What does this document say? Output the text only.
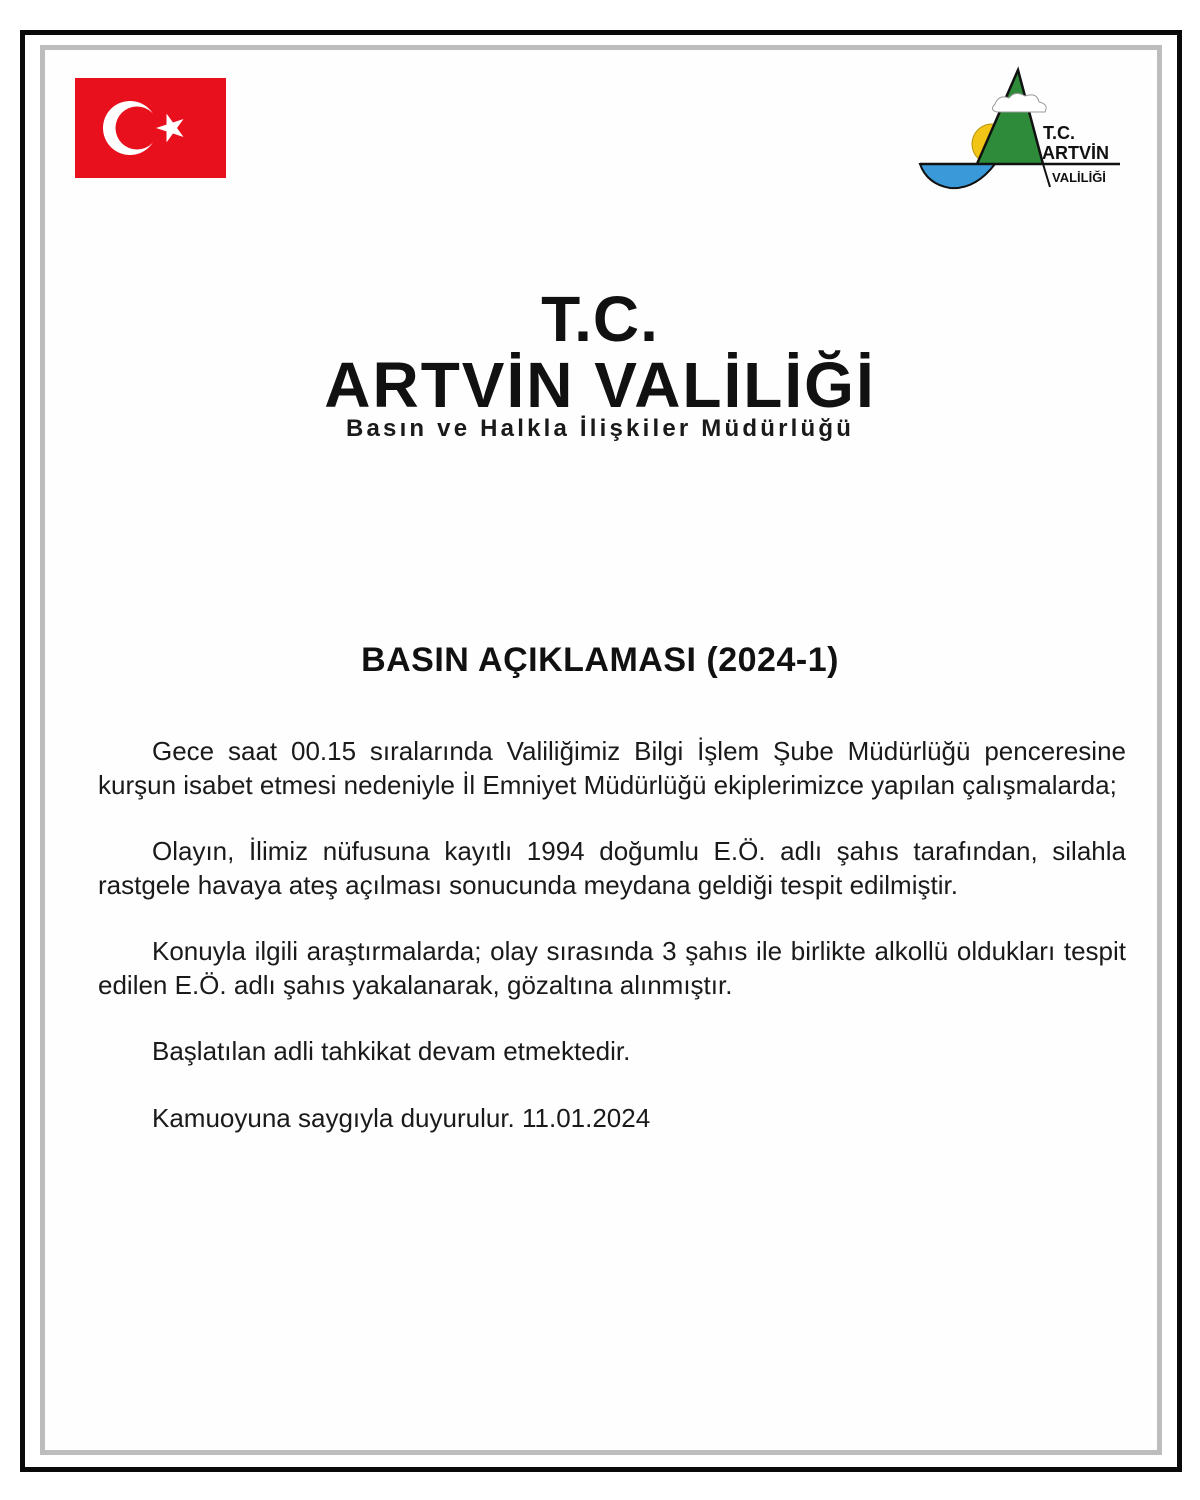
T.C.
ARTVİN
VALİLİĞİ
T.C.
ARTVİN VALİLİĞİ
Basın ve Halkla İlişkiler Müdürlüğü
BASIN AÇIKLAMASI (2024-1)

Gece saat 00.15 sıralarında Valiliğimiz Bilgi İşlem Şube Müdürlüğü penceresine kurşun isabet etmesi nedeniyle İl Emniyet Müdürlüğü ekiplerimizce yapılan çalışmalarda;

Olayın, İlimiz nüfusuna kayıtlı 1994 doğumlu E.Ö. adlı şahıs tarafından, silahla rastgele havaya ateş açılması sonucunda meydana geldiği tespit edilmiştir.

Konuyla ilgili araştırmalarda; olay sırasında 3 şahıs ile birlikte alkollü oldukları tespit edilen E.Ö. adlı şahıs yakalanarak, gözaltına alınmıştır.

Başlatılan adli tahkikat devam etmektedir.

Kamuoyuna saygıyla duyurulur. 11.01.2024
